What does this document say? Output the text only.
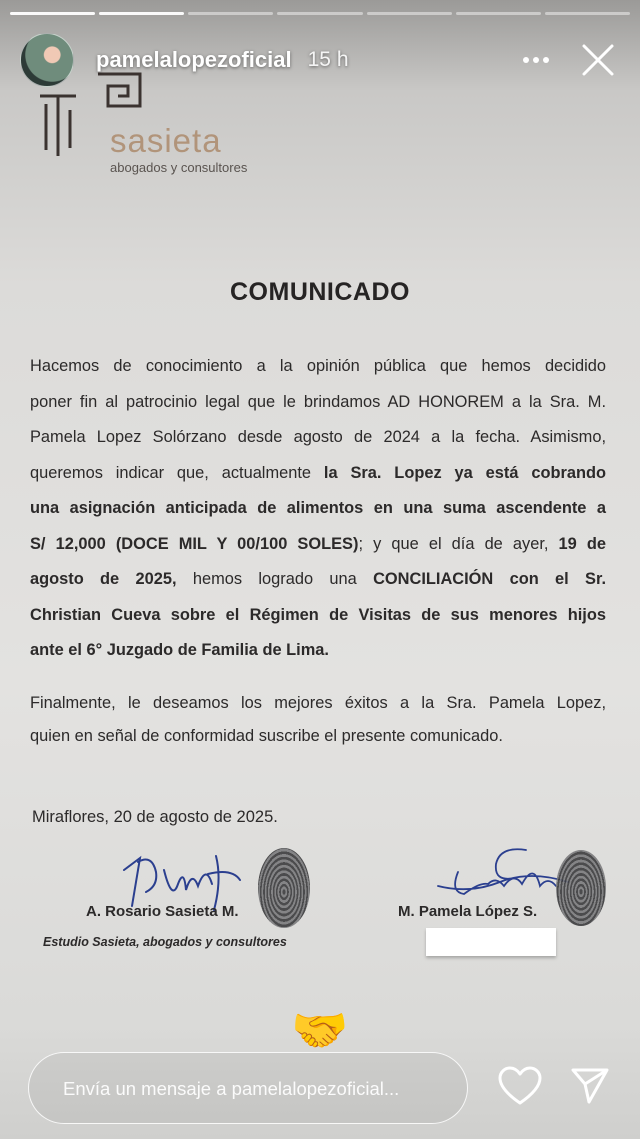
sasieta
abogados y consultores
COMUNICADO
Hacemos de conocimiento a la opinión pública que hemos decidido
poner fin al patrocinio legal que le brindamos AD HONOREM a la Sra. M.
Pamela Lopez Solórzano desde agosto de 2024 a la fecha. Asimismo,
queremos indicar que, actualmente la Sra. Lopez ya está cobrando
una asignación anticipada de alimentos en una suma ascendente a
S/ 12,000 (DOCE MIL Y 00/100 SOLES); y que el día de ayer, 19 de
agosto de 2025, hemos logrado una CONCILIACIÓN con el Sr.
Christian Cueva sobre el Régimen de Visitas de sus menores hijos
ante el 6° Juzgado de Familia de Lima.
Finalmente, le deseamos los mejores éxitos a la Sra. Pamela Lopez,
quien en señal de conformidad suscribe el presente comunicado.
Miraflores, 20 de agosto de 2025.
A. Rosario Sasieta M.
Estudio Sasieta, abogados y consultores
M. Pamela López S.
pamelalopezoficial 15 h
🤝
Envía un mensaje a pamelalopezoficial...
